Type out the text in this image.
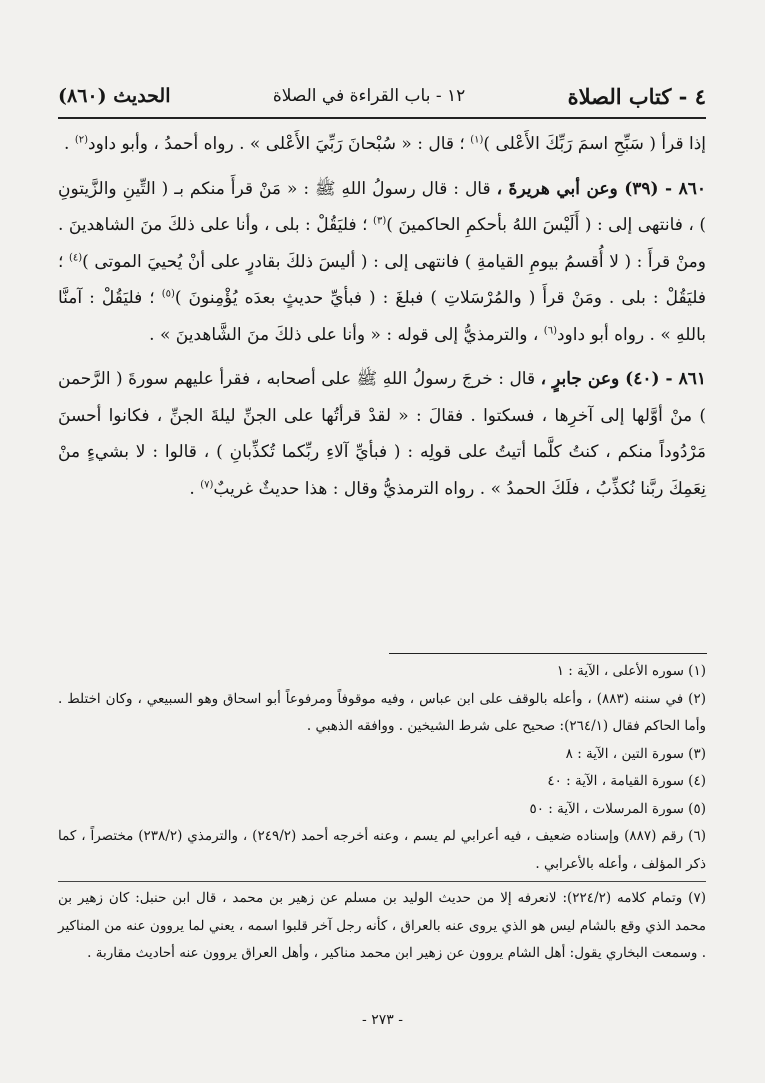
٤ - كتاب الصلاة
١٢ - باب القراءة في الصلاة
الحديث (٨٦٠)

إذا قرأ ( سَبِّحِ اسمَ رَبِّكَ الأَعْلى )$^{(١)}$ ؛ قال : « سُبْحانَ رَبِّيَ الأَعْلى » . رواه أحمدُ ، وأبو داود$^{(٢)}$ .

٨٦٠ - (٣٩) وعن أبي هريرةَ ، قال : قال رسولُ اللهِ ﷺ : « مَنْ قرأَ منكم بـ ( التِّينِ والزَّيتونِ ) ، فانتهى إلى : ( أَلَيْسَ اللهُ بأحكمِ الحاكمينَ )$^{(٣)}$ ؛ فليَقُلْ : بلى ، وأنا على ذلكَ منَ الشاهدينَ . ومنْ قرأَ : ( لا أُقسمُ بيومِ القيامةِ ) فانتهى إلى : ( أليسَ ذلكَ بقادرٍ على أنْ يُحييَ الموتى )$^{(٤)}$ ؛ فليَقُلْ : بلى . ومَنْ قرأَ ( والمُرْسَلاتِ ) فبلغَ : ( فبأيِّ حديثٍ بعدَه يُؤْمِنونَ )$^{(٥)}$ ؛ فليَقُلْ : آمنَّا باللهِ » . رواه أبو داود$^{(٦)}$ ، والترمذيُّ إلى قوله : « وأنا على ذلكَ منَ الشَّاهدينَ » .

٨٦١ - (٤٠) وعن جابرٍ ، قال : خرجَ رسولُ اللهِ ﷺ على أصحابه ، فقرأ عليهم سورةَ ( الرَّحمن ) منْ أوَّلها إلى آخرِها ، فسكتوا . فقالَ : « لقدْ قرأتُها على الجنِّ ليلةَ الجنِّ ، فكانوا أحسنَ مَرْدُوداً منكم ، كنتُ كلَّما أتيتُ على قولِه : ( فبأيِّ آلاءِ ربِّكما تُكذِّبانِ ) ، قالوا : لا بشيءٍ منْ نِعَمِكَ ربَّنا نُكذِّبُ ، فلَكَ الحمدُ » . رواه الترمذيُّ وقال : هذا حديثٌ غريبٌ$^{(٧)}$ .

(١) سوره الأعلى ، الآية : ١

(٢) في سننه (٨٨٣) ، وأعله بالوقف على ابن عباس ، وفيه موقوفاً ومرفوعاً أبو اسحاق وهو السبيعي ، وكان اختلط . وأما الحاكم فقال (٢٦٤/١): صحيح على شرط الشيخين . ووافقه الذهبي .

(٣) سورة التين ، الآية : ٨

(٤) سورة القيامة ، الآية : ٤٠

(٥) سورة المرسلات ، الآية : ٥٠

(٦) رقم (٨٨٧) وإسناده ضعيف ، فيه أعرابي لم يسم ، وعنه أخرجه أحمد (٢٤٩/٢) ، والترمذي (٢٣٨/٢) مختصراً ، كما ذكر المؤلف ، وأعله بالأعرابي .

(٧) وتمام كلامه (٢٢٤/٢): لانعرفه إلا من حديث الوليد بن مسلم عن زهير بن محمد ، قال ابن حنبل: كان زهير بن محمد الذي وقع بالشام ليس هو الذي يروى عنه بالعراق ، كأنه رجل آخر قلبوا اسمه ، يعني لما يروون عنه من المناكير . وسمعت البخاري يقول: أهل الشام يروون عن زهير ابن محمد مناكير ، وأهل العراق يروون عنه أحاديث مقاربة .

- ٢٧٣ -
